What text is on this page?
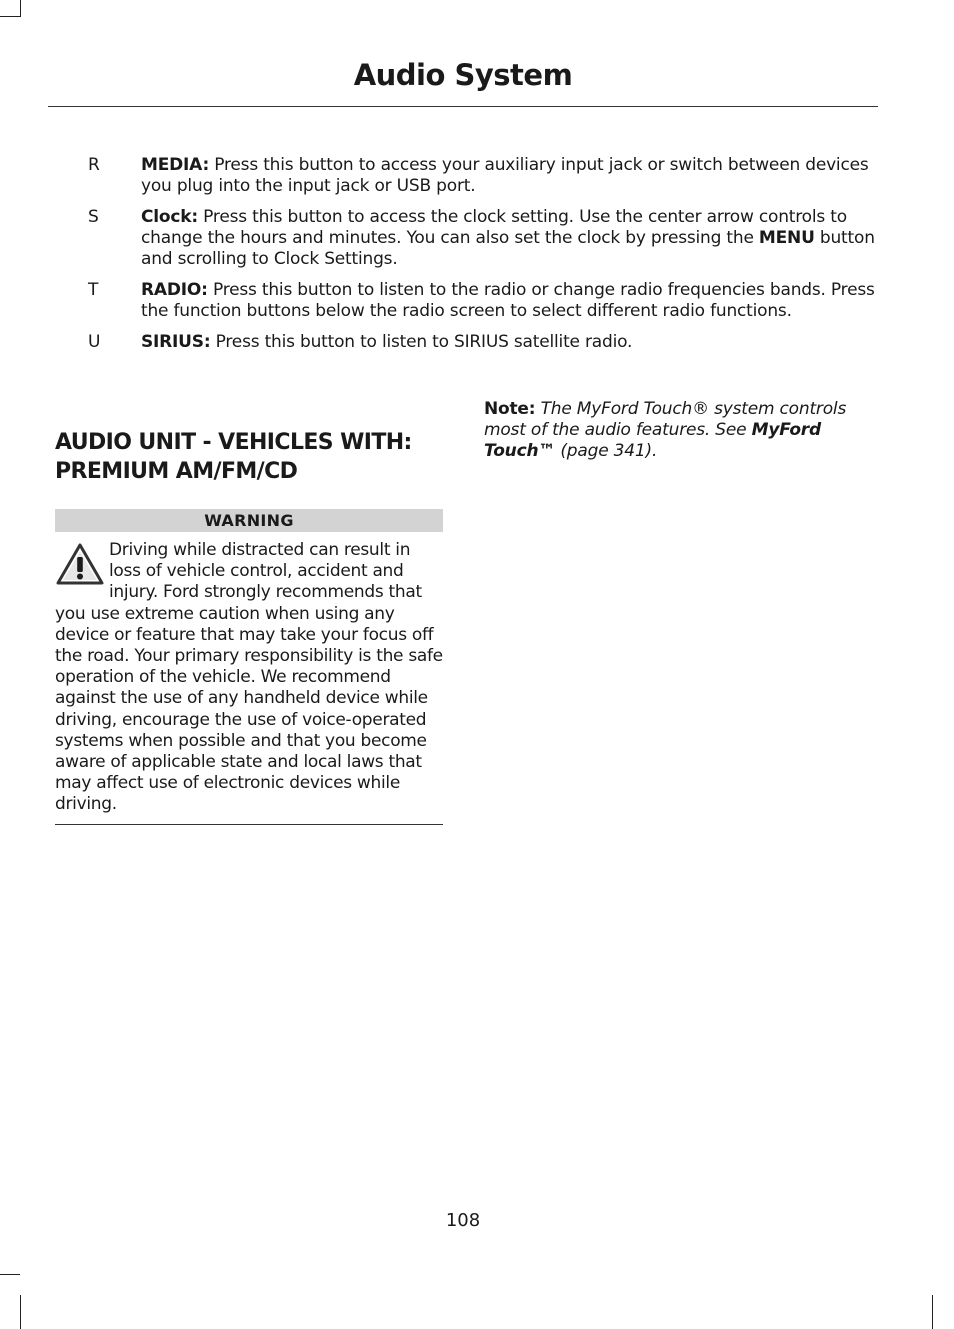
Audio System
R	MEDIA: Press this button to access your auxiliary input jack or switch between devices you plug into the input jack or USB port.
S	Clock: Press this button to access the clock setting. Use the center arrow controls to change the hours and minutes. You can also set the clock by pressing the MENU button and scrolling to Clock Settings.
T	RADIO: Press this button to listen to the radio or change radio frequencies bands. Press the function buttons below the radio screen to select different radio functions.
U	SIRIUS: Press this button to listen to SIRIUS satellite radio.
AUDIO UNIT - VEHICLES WITH:
PREMIUM AM/FM/CD
WARNING
Driving while distracted can result in loss of vehicle control, accident and injury. Ford strongly recommends that you use extreme caution when using any device or feature that may take your focus off the road. Your primary responsibility is the safe operation of the vehicle. We recommend against the use of any handheld device while driving, encourage the use of voice-operated systems when possible and that you become aware of applicable state and local laws that may affect use of electronic devices while driving.
Note: The MyFord Touch® system controls most of the audio features. See MyFord Touch™ (page 341).
108
